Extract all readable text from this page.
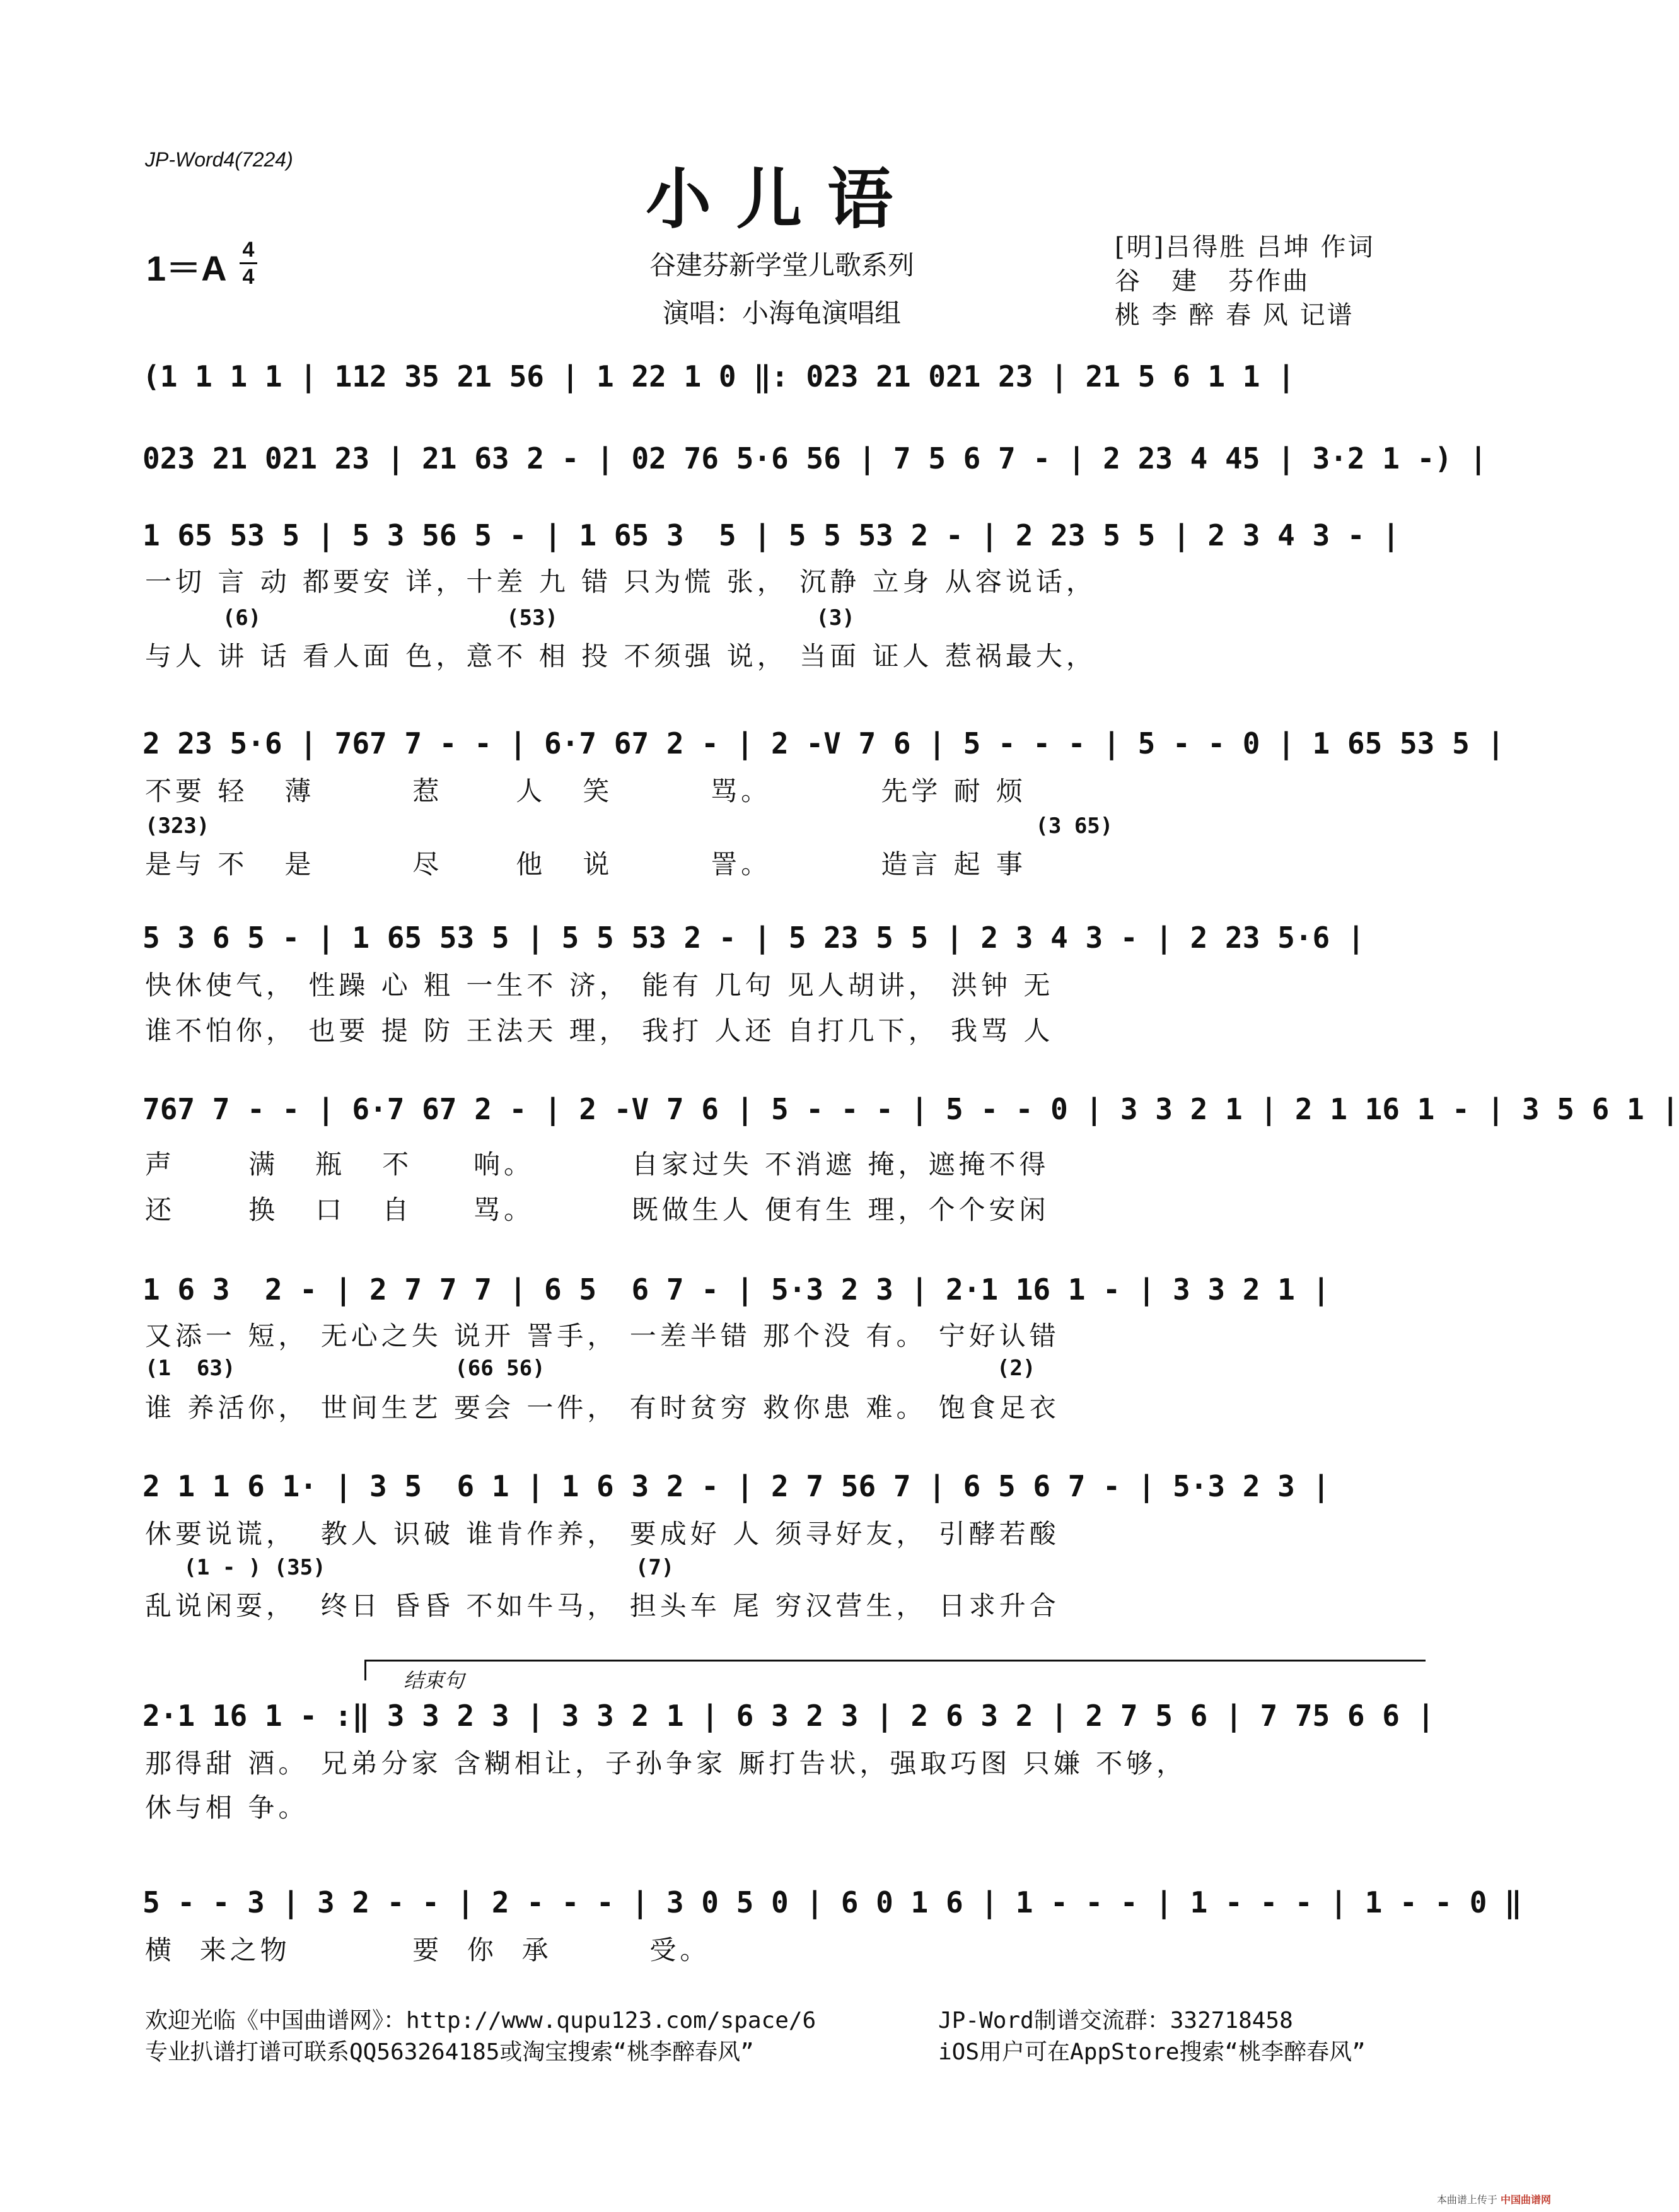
JP-Word4(7224)
小儿语
1＝A 4
4	谷建芬新学堂儿歌系列
演唱：小海龟演唱组
[明]吕得胜 吕坤 作词
谷   建   芬作曲
桃 李 醉 春 风 记谱
(1 1 1 1 | 112 35 21 56 | 1 22 1 0 ‖: 023 21 021 23 | 21 5 6 1 1 |
023 21 021 23 | 21 63 2 - | 02 76 5·6 56 | 7 5 6 7 - | 2 23 4 45 | 3·2 1 -) |
1 65 53 5 | 5 3 56 5 - | 1 65 3  5 | 5 5 53 2 - | 2 23 5 5 | 2 3 4 3 - |
一切 言 动 都要安 详，十差 九 错 只为慌 张， 沉静 立身 从容说话，
(6)                   (53)                    (3)
与人 讲 话 看人面 色，意不 相 投 不须强 说， 当面 证人 惹祸最大，
2 23 5·6 | 767 7 - - | 6·7 67 2 - | 2 -V 7 6 | 5 - - - | 5 - - 0 | 1 65 53 5 |
不要 轻   薄        惹      人   笑        骂。         先学 耐 烦
(323)                                                                (3 65)
是与 不   是        尽      他   说        詈。         造言 起 事
5 3 6 5 - | 1 65 53 5 | 5 5 53 2 - | 5 23 5 5 | 2 3 4 3 - | 2 23 5·6 |
快休使气， 性躁 心 粗 一生不 济， 能有 几句 见人胡讲， 洪钟 无
谁不怕你， 也要 提 防 王法天 理， 我打 人还 自打几下， 我骂 人
767 7 - - | 6·7 67 2 - | 2 -V 7 6 | 5 - - - | 5 - - 0 | 3 3 2 1 | 2 1 16 1 - | 3 5 6 1 |
声      满   瓶   不     响。        自家过失 不消遮 掩，遮掩不得
还      换   口   自     骂。        既做生人 便有生 理，个个安闲
1 6 3  2 - | 2 7 7 7 | 6 5  6 7 - | 5·3 2 3 | 2·1 16 1 - | 3 3 2 1 |
又添一 短， 无心之失 说开 詈手， 一差半错 那个没 有。 宁好认错
(1  63)                 (66 56)                                   (2)
谁 养活你， 世间生艺 要会 一件， 有时贫穷 救你患 难。 饱食足衣
2 1 1 6 1· | 3 5  6 1 | 1 6 3 2 - | 2 7 56 7 | 6 5 6 7 - | 5·3 2 3 |
休要说谎，  教人 识破 谁肯作养， 要成好 人 须寻好友， 引酵若酸
(1 - ) (35)                        (7)
乱说闲耍，  终日 昏昏 不如牛马， 担头车 尾 穷汉营生， 日求升合
结束句
2·1 16 1 - :‖ 3 3 2 3 | 3 3 2 1 | 6 3 2 3 | 2 6 3 2 | 2 7 5 6 | 7 75 6 6 |
那得甜 酒。 兄弟分家 含糊相让，子孙争家 厮打告状，强取巧图 只嫌 不够，
休与相 争。
5 - - 3 | 3 2 - - | 2 - - - | 3 0 5 0 | 6 0 1 6 | 1 - - - | 1 - - - | 1 - - 0 ‖
横  来之物          要  你  承        受。
欢迎光临《中国曲谱网》：http://www.qupu123.com/space/6
专业扒谱打谱可联系QQ563264185或淘宝搜索“桃李醉春风”
JP-Word制谱交流群：332718458
iOS用户可在AppStore搜索“桃李醉春风”
本曲谱上传于 中国曲谱网
